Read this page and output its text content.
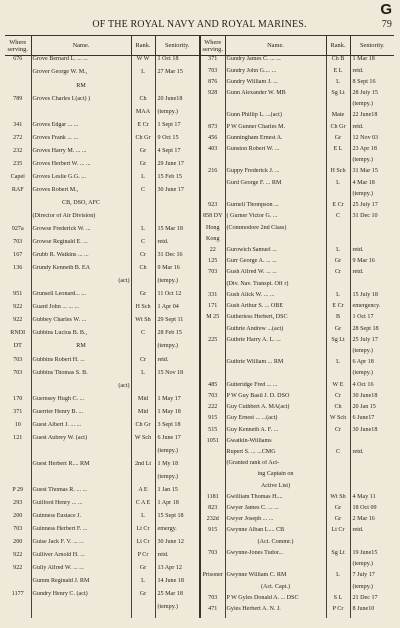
G
OF THE ROYAL NAVY AND ROYAL MARINES.	79
Where
serving.	Name.	Rank.	Seniority.
676	Grove Bernard L. ... ...	W W	1 Oct 18

	Grover George W. M.,	L	27 Mar 15

	RM		

789	Groves Charles I.(act) )	Ch	20 June18

		MAA	(tempy.)

341	Groves Edgar ... ...	E Cr	1 Sept 17

272	Groves Frank ... ...	Ch Gr	9 Oct 15

232	Groves Harry M. ... ...	Gr	4 Sept 17

235	Groves Herbert W. ... ...	Gr	29 June 17

Capel	Groves Leslie G.G. ...	L	15 Feb 15

RAF	Groves Robert M.,	C	30 June 17

	CB, DSO, AFC		

	(Director of Air Division)		

927a	Growse Frederick W. ...	L	15 Mar 18

703	Growse Reginald E. ...	C	retd.

167	Grubb R. Watkins ... ...	Cr	31 Dec 16

136	Grundy Kenneth B. EA	Ch	9 Mar 16

	(act)		(tempy.)

951	Grunsell Leonard... ...	Gr	11 Oct 12

922	Guard John ... ... ...	H Sch	1 Apr 04

922	Gubbey Charles W. ...	Wt Sh	29 Sept 11

RNDI	Gubbins Lucius B. B.,	C	28 Feb 15

DT	RM		(tempy.)

703	Gubbins Robert H. ...	Cr	retd.

703	Gubbins Thomas S. B.	L	15 Nov 18

	(act)		

170	Guernsey Hugh C. ...	Mid	1 May 17

371	Guerrier Henry B. ...	Mid	1 May 18

10	Guest Albert J. ... ...	Ch Gr	3 Sept 18

121	Guest Aubrey W. (act)	W Sch	6 June 17

			(tempy.)

	Guest Herbert R.... RM	2nd Lt	1 My 18

			(tempy.)

P 29	Guest Thomas R. ... ...	A E	1 Jan 15

293	Guilford Henry ... ...	C A E	1 Apr 18

200	Guinness Eustace J.	L	15 Sept 18

703	Guinness Herbert F. ...	Lt Cr	emergy.

200	Guise Jack F. V. ... ...	Lt Cr	30 June 12

922	Gulliver Arnold H. ...	P Cr	retd.

922	Gully Alfred W. ... ...	Gr	13 Apr 12

	Gumm Reginald J. RM	L	14 June 18

1177	Gundry Henry C. (act)	Gr	25 Mar 18

			(tempy.)

Where
serving.	Name.	Rank.	Seniority.
371	Gundry James C. ... ...	Ch B	1 Mar 18

703	Gundry John G.... ...	E L	retd.

876	Gundry William J. ...	L	8 Sept 16

928	Gunn Alexander W. MB	Sg Lt	28 July 15

			(tempy.)

	Gunn Phillip L. ...(act)	Mate	22 June18

873	P W Gunner Charles M.	Ch Gr	retd.

456	Gunningham Ernest A.	Gr	12 Nov 03

403	Gunston Robert W. ...	E L	23 Apr 18

			(tempy.)

216	Guppy Frederick J. ...	H Sch	31 Mar 15

	Gurd George F. ... RM	L	4 Mar 18

			(tempy.)

923	Gurnell Thompson ...	E Cr	25 July 17

858 DY	( Gurner Victor G. ...	C	31 Dec 10

Hong	(Commodore 2nd Class)		

Kong	

22	Gurowich Samuel ...	L	retd.

125	Gurr George A. ... ...	Gr	9 Mar 16

703	Gush Alfred W. ... ...	Cr	retd.

	(Div. Nav. Transpt. Off r)		

331	Gush Alick W. ... ...	L	15 July 18

171	Gush Arthur S. ... OBE	E Cr	emergency.

M 25	Gutheriess Herbert, DSC	B	1 Oct 17

	Guthrie Andrew ...(act)	Gr	28 Sept 18

225	Guthrie Harry A. L. ...	Sg Lt	25 July 17

			(tempy.)

	Guthrie William ... RM	L	6 Apr 18

			(tempy.)

485	Gutteridge Fred ... ...	W E	4 Oct 16

703	P W Guy Basil J. D. DSO	Cr	30 June18

222	Guy Cuthbert A. MA(act)	Ch	20 Jan 15

915	Guy Ernest ... ...(act)	W Sch	6 June17

515	Guy Kenneth A. F. ...	Cr	30 June18

1051	Gwatkin-Williams		

	Rupert S. ... ...CMG	C	retd.

	(Granted rank of Act-		

	ing Captain on		

	Active List)		

1181	Gwilliam Thomas H....	Wt Sh	4 May 11

823	Gwyer James C. ... ...	Gr	18 Oct 09

232d	Gwyer Joseph ... ...	Gr	2 Mar 16

915	Gwynne Alban L.... CB	Lt Cr	retd.

	(Act. Commr.)		

703	Gwynne-Jones Tudor...	Sg Lt	19 June15

			(tempy.)

Prisoner	Gwynne William C. RM	L	7 July 17

	(Act. Capt.)		(tempy.)

703	P W Gyles Donald A. ... DSC	S L	21 Dec 17

471	Gyles Herbert A. N. J.	P Cr	8 June10
